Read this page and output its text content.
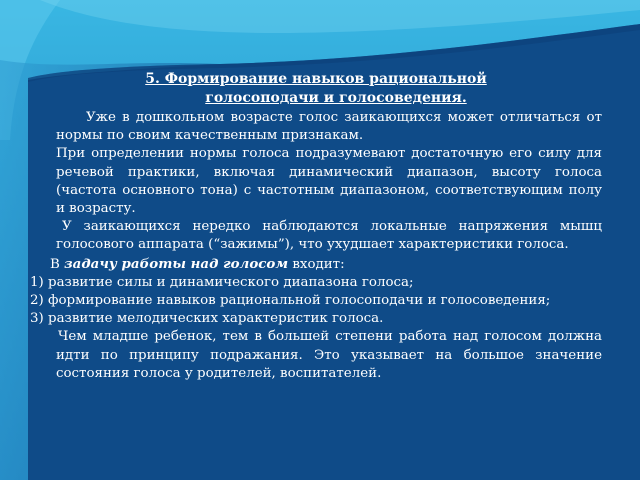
5. Формирование навыков рациональной
голосоподачи и голосоведения.

Уже в дошкольном возрасте голос заикающихся может отличаться от нормы по своим качественным признакам.

При определении нормы голоса подразумевают достаточную его силу для речевой практики, включая динамический диапазон, высоту голоса (частота основного тона) с частотным диапазоном, соответствующим полу и возрасту.

У заикающихся нередко наблюдаются локальные напряжения мышц голосового аппарата (“зажимы”), что ухудшает характеристики голоса.

В задачу работы над голосом входит:

1) развитие силы и динамического диапазона голоса;

2) формирование навыков рациональной голосоподачи и голосоведения;

3) развитие мелодических характеристик голоса.

Чем младше ребенок, тем в большей степени работа над голосом должна идти по принципу подражания. Это указывает на большое значение состояния голоса у родителей, воспитателей.
